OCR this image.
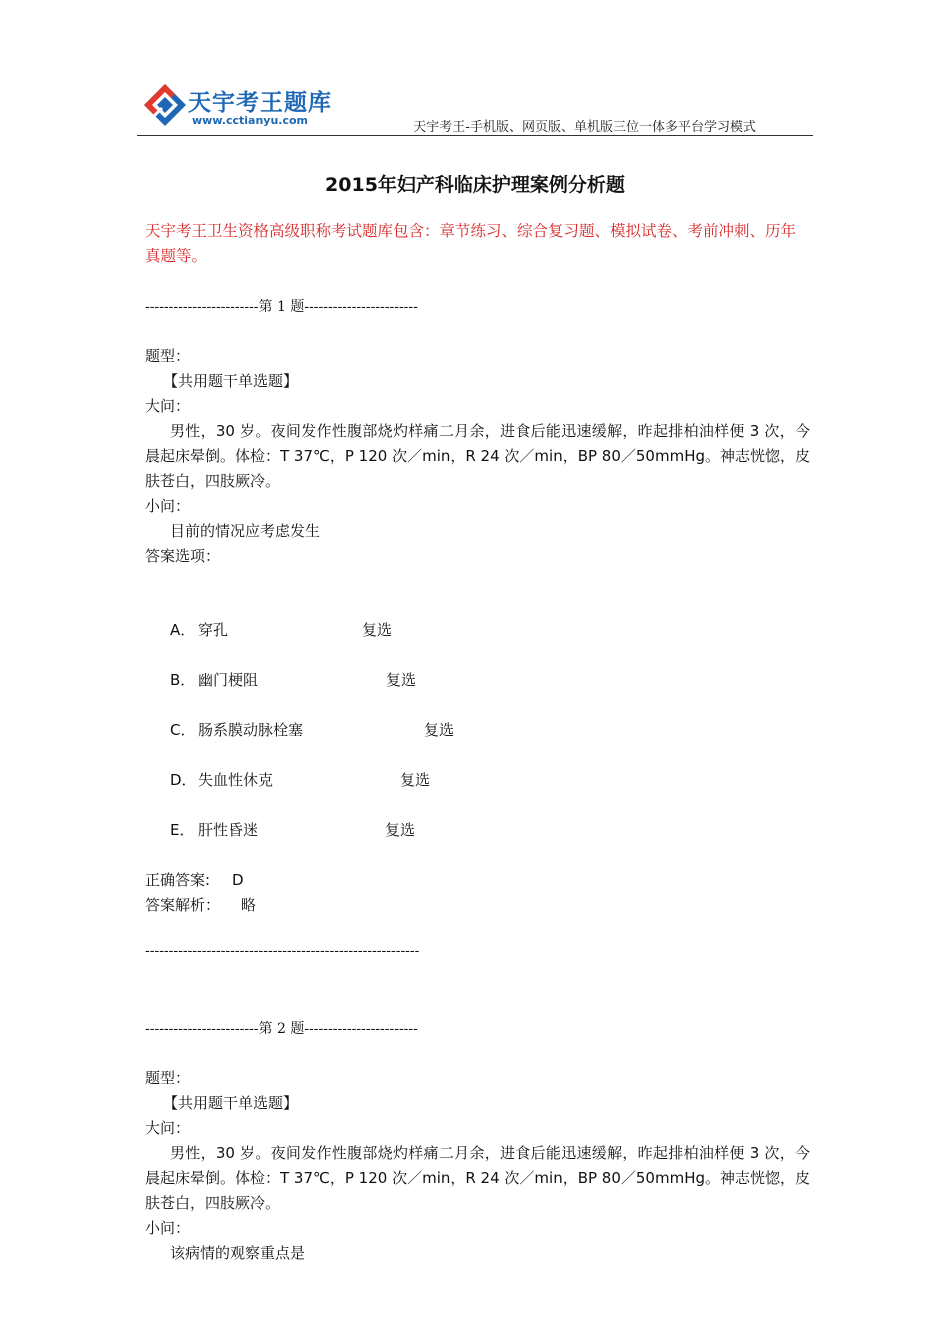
天宇考王题库
www.cctianyu.com	天宇考王-手机版、网页版、单机版三位一体多平台学习模式
2015年妇产科临床护理案例分析题
天宇考王卫生资格高级职称考试题库包含：章节练习、综合复习题、模拟试卷、考前冲刺、历年真题等。
------------------------第 1 题------------------------
题型：
【共用题干单选题】
大问：
男性，30 岁。夜间发作性腹部烧灼样痛二月余，进食后能迅速缓解，昨起排柏油样便 3 次，今晨起床晕倒。体检：T 37℃，P 120 次／min，R 24 次／min，BP 80／50mmHg。神志恍惚，皮肤苍白，四肢厥冷。
小问：
目前的情况应考虑发生
答案选项：
A． 穿孔	复选
B． 幽门梗阻	复选
C． 肠系膜动脉栓塞	复选
D．失血性休克	复选
E． 肝性昏迷	复选
正确答案: D
答案解析： 略
----------------------------------------------------------
------------------------第 2 题------------------------
题型：
【共用题干单选题】
大问：
男性，30 岁。夜间发作性腹部烧灼样痛二月余，进食后能迅速缓解，昨起排柏油样便 3 次，今晨起床晕倒。体检：T 37℃，P 120 次／min，R 24 次／min，BP 80／50mmHg。神志恍惚，皮肤苍白，四肢厥冷。
小问：
该病情的观察重点是
